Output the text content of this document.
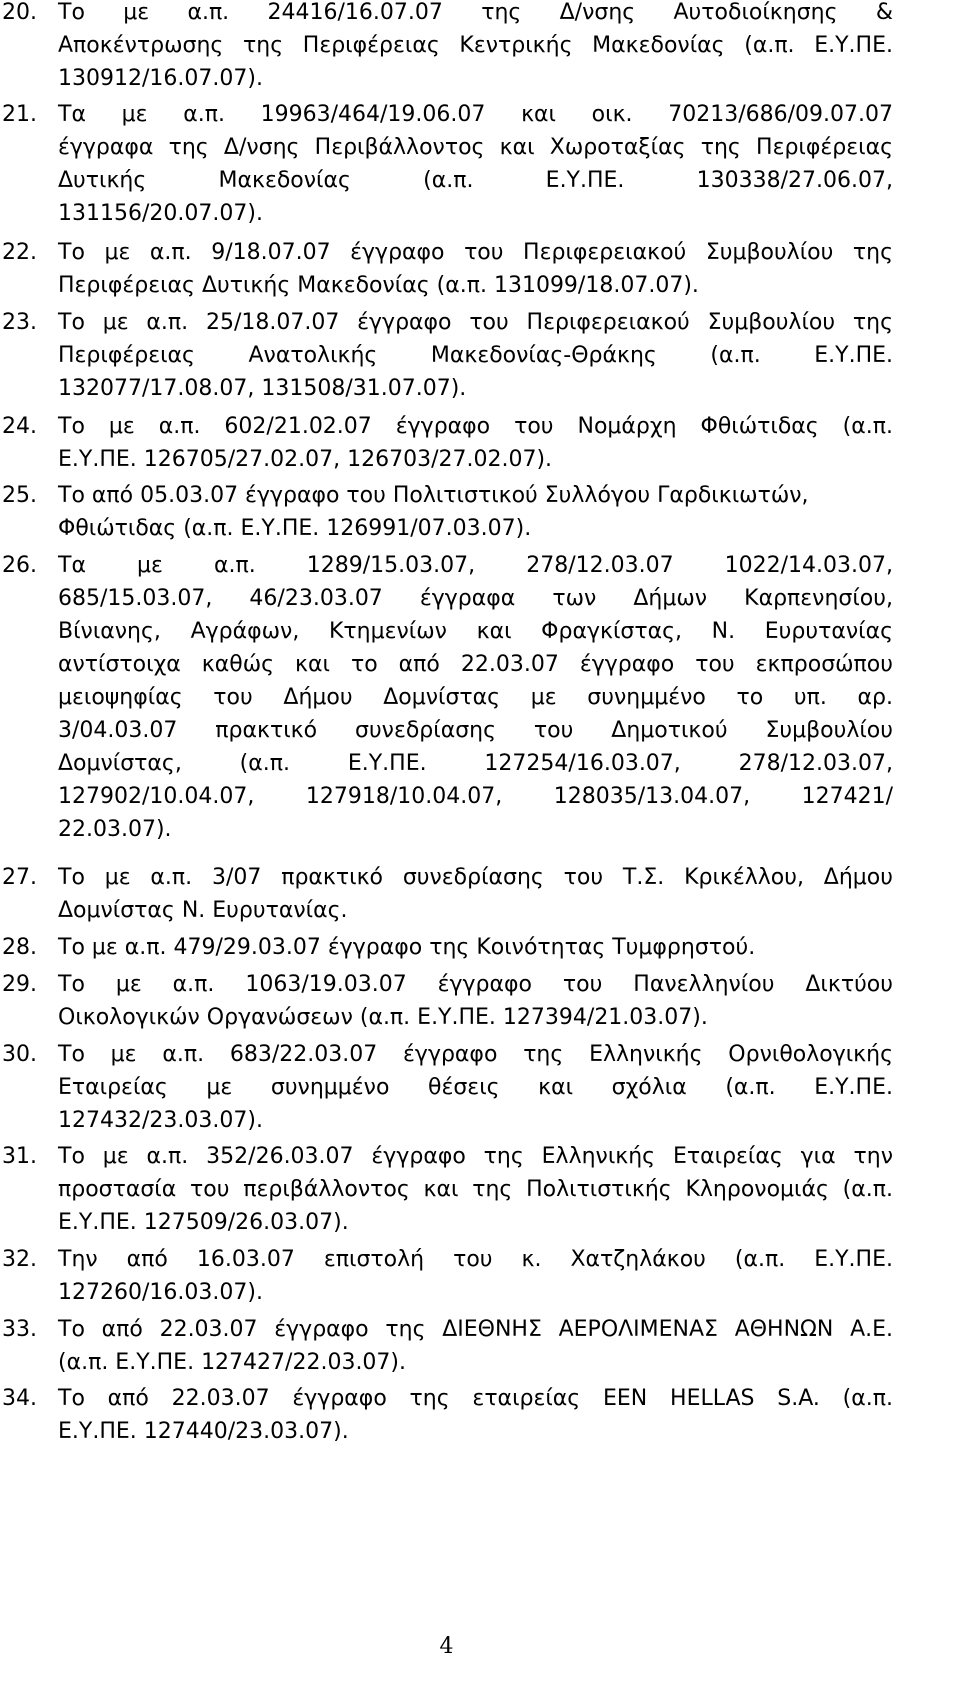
20. Το με α.π. 24416/16.07.07 της Δ/νσης Αυτοδιοίκησης &
Αποκέντρωσης της Περιφέρειας Κεντρικής Μακεδονίας (α.π. Ε.Υ.ΠΕ.
130912/16.07.07).
21. Τα με α.π. 19963/464/19.06.07 και οικ. 70213/686/09.07.07
έγγραφα της Δ/νσης Περιβάλλοντος και Χωροταξίας της Περιφέρειας
Δυτικής Μακεδονίας (α.π. Ε.Υ.ΠΕ. 130338/27.06.07,
131156/20.07.07).
22. Το με α.π. 9/18.07.07 έγγραφο του Περιφερειακού Συμβουλίου της
Περιφέρειας Δυτικής Μακεδονίας (α.π. 131099/18.07.07).
23. Το με α.π. 25/18.07.07 έγγραφο του Περιφερειακού Συμβουλίου της
Περιφέρειας Ανατολικής Μακεδονίας-Θράκης (α.π. Ε.Υ.ΠΕ.
132077/17.08.07, 131508/31.07.07).
24. Το με α.π. 602/21.02.07 έγγραφο του Νομάρχη Φθιώτιδας (α.π.
Ε.Υ.ΠΕ. 126705/27.02.07, 126703/27.02.07).
25. Το από 05.03.07 έγγραφο του Πολιτιστικού Συλλόγου Γαρδικιωτών,
Φθιώτιδας (α.π. Ε.Υ.ΠΕ. 126991/07.03.07).
26. Τα με α.π. 1289/15.03.07, 278/12.03.07 1022/14.03.07,
685/15.03.07, 46/23.03.07 έγγραφα των Δήμων Καρπενησίου,
Βίνιανης, Αγράφων, Κτημενίων και Φραγκίστας, Ν. Ευρυτανίας
αντίστοιχα καθώς και το από 22.03.07 έγγραφο του εκπροσώπου
μειοψηφίας του Δήμου Δομνίστας με συνημμένο το υπ. αρ.
3/04.03.07 πρακτικό συνεδρίασης του Δημοτικού Συμβουλίου
Δομνίστας, (α.π. Ε.Υ.ΠΕ. 127254/16.03.07, 278/12.03.07,
127902/10.04.07, 127918/10.04.07, 128035/13.04.07, 127421/
22.03.07).
27. Το με α.π. 3/07 πρακτικό συνεδρίασης του Τ.Σ. Κρικέλλου, Δήμου
Δομνίστας Ν. Ευρυτανίας.
28. Το με α.π. 479/29.03.07 έγγραφο της Κοινότητας Τυμφρηστού.
29. Το με α.π. 1063/19.03.07 έγγραφο του Πανελληνίου Δικτύου
Οικολογικών Οργανώσεων (α.π. Ε.Υ.ΠΕ. 127394/21.03.07).
30. Το με α.π. 683/22.03.07 έγγραφο της Ελληνικής Ορνιθολογικής
Εταιρείας με συνημμένο θέσεις και σχόλια (α.π. Ε.Υ.ΠΕ.
127432/23.03.07).
31. Το με α.π. 352/26.03.07 έγγραφο της Ελληνικής Εταιρείας για την
προστασία του περιβάλλοντος και της Πολιτιστικής Κληρονομιάς (α.π.
Ε.Υ.ΠΕ. 127509/26.03.07).
32. Την από 16.03.07 επιστολή του κ. Χατζηλάκου (α.π. Ε.Υ.ΠΕ.
127260/16.03.07).
33. Το από 22.03.07 έγγραφο της ΔΙΕΘΝΗΣ ΑΕΡΟΛΙΜΕΝΑΣ ΑΘΗΝΩΝ Α.Ε.
(α.π. Ε.Υ.ΠΕ. 127427/22.03.07).
34. Το από 22.03.07 έγγραφο της εταιρείας EEN HELLAS S.A. (α.π.
Ε.Υ.ΠΕ. 127440/23.03.07).
4
